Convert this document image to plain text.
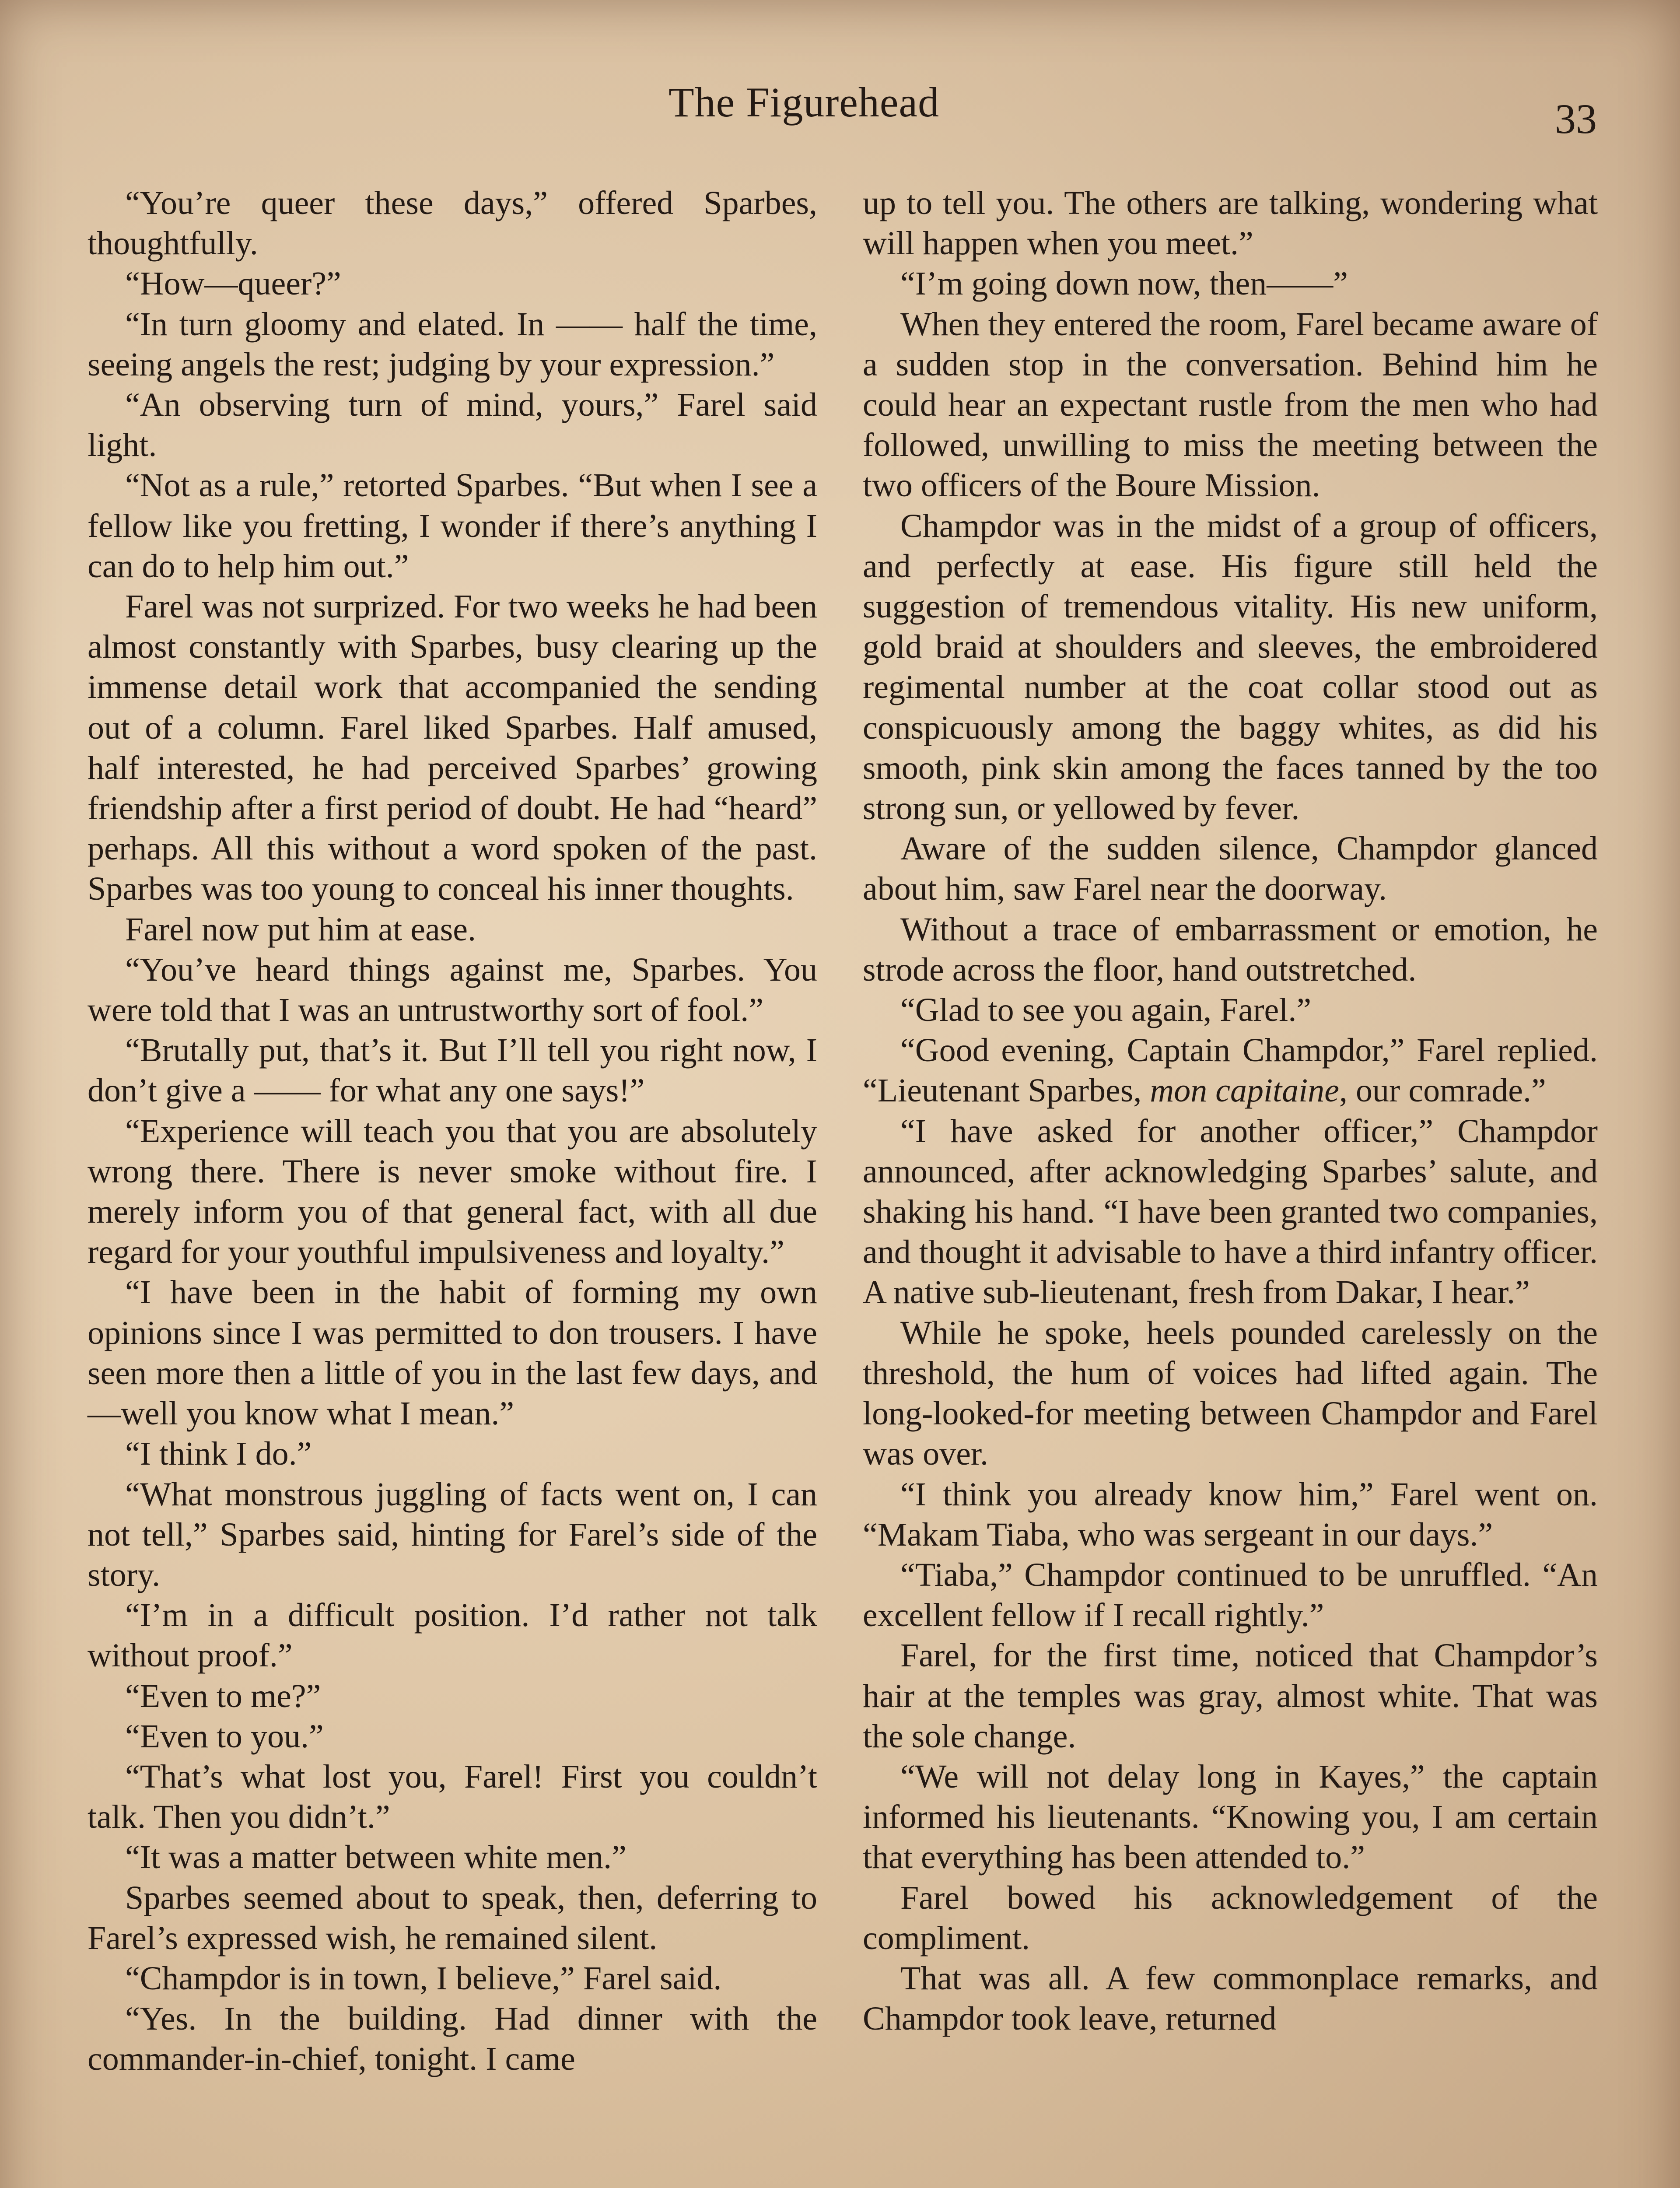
The Figurehead	33

“You’re queer these days,” offered Sparbes, thoughtfully.

“How—queer?”

“In turn gloomy and elated. In —— half the time, seeing angels the rest; judging by your expression.”

“An observing turn of mind, yours,” Farel said light.

“Not as a rule,” retorted Sparbes. “But when I see a fellow like you fretting, I wonder if there’s anything I can do to help him out.”

Farel was not surprized. For two weeks he had been almost constantly with Sparbes, busy clearing up the immense detail work that accompanied the sending out of a column. Farel liked Sparbes. Half amused, half interested, he had perceived Sparbes’ growing friendship after a first period of doubt. He had “heard” perhaps. All this without a word spoken of the past. Sparbes was too young to conceal his inner thoughts.

Farel now put him at ease.

“You’ve heard things against me, Sparbes. You were told that I was an untrustworthy sort of fool.”

“Brutally put, that’s it. But I’ll tell you right now, I don’t give a —— for what any one says!”

“Experience will teach you that you are absolutely wrong there. There is never smoke without fire. I merely inform you of that general fact, with all due regard for your youthful impulsiveness and loyalty.”

“I have been in the habit of forming my own opinions since I was permitted to don trousers. I have seen more then a little of you in the last few days, and—well you know what I mean.”

“I think I do.”

“What monstrous juggling of facts went on, I can not tell,” Sparbes said, hinting for Farel’s side of the story.

“I’m in a difficult position. I’d rather not talk without proof.”

“Even to me?”

“Even to you.”

“That’s what lost you, Farel! First you couldn’t talk. Then you didn’t.”

“It was a matter between white men.”

Sparbes seemed about to speak, then, deferring to Farel’s expressed wish, he remained silent.

“Champdor is in town, I believe,” Farel said.

“Yes. In the building. Had dinner with the commander-in-chief, tonight. I came

up to tell you. The others are talking, wondering what will happen when you meet.”

“I’m going down now, then——”

When they entered the room, Farel became aware of a sudden stop in the conversation. Behind him he could hear an expectant rustle from the men who had followed, unwilling to miss the meeting between the two officers of the Boure Mission.

Champdor was in the midst of a group of officers, and perfectly at ease. His figure still held the suggestion of tremendous vitality. His new uniform, gold braid at shoulders and sleeves, the embroidered regimental number at the coat collar stood out as conspicuously among the baggy whites, as did his smooth, pink skin among the faces tanned by the too strong sun, or yellowed by fever.

Aware of the sudden silence, Champdor glanced about him, saw Farel near the doorway.

Without a trace of embarrassment or emotion, he strode across the floor, hand outstretched.

“Glad to see you again, Farel.”

“Good evening, Captain Champdor,” Farel replied. “Lieutenant Sparbes, mon capitaine, our comrade.”

“I have asked for another officer,” Champdor announced, after acknowledging Sparbes’ salute, and shaking his hand. “I have been granted two companies, and thought it advisable to have a third infantry officer. A native sub-lieutenant, fresh from Dakar, I hear.”

While he spoke, heels pounded carelessly on the threshold, the hum of voices had lifted again. The long-looked-for meeting between Champdor and Farel was over.

“I think you already know him,” Farel went on. “Makam Tiaba, who was sergeant in our days.”

“Tiaba,” Champdor continued to be unruffled. “An excellent fellow if I recall rightly.”

Farel, for the first time, noticed that Champdor’s hair at the temples was gray, almost white. That was the sole change.

“We will not delay long in Kayes,” the captain informed his lieutenants. “Knowing you, I am certain that everything has been attended to.”

Farel bowed his acknowledgement of the compliment.

That was all. A few commonplace remarks, and Champdor took leave, returned
